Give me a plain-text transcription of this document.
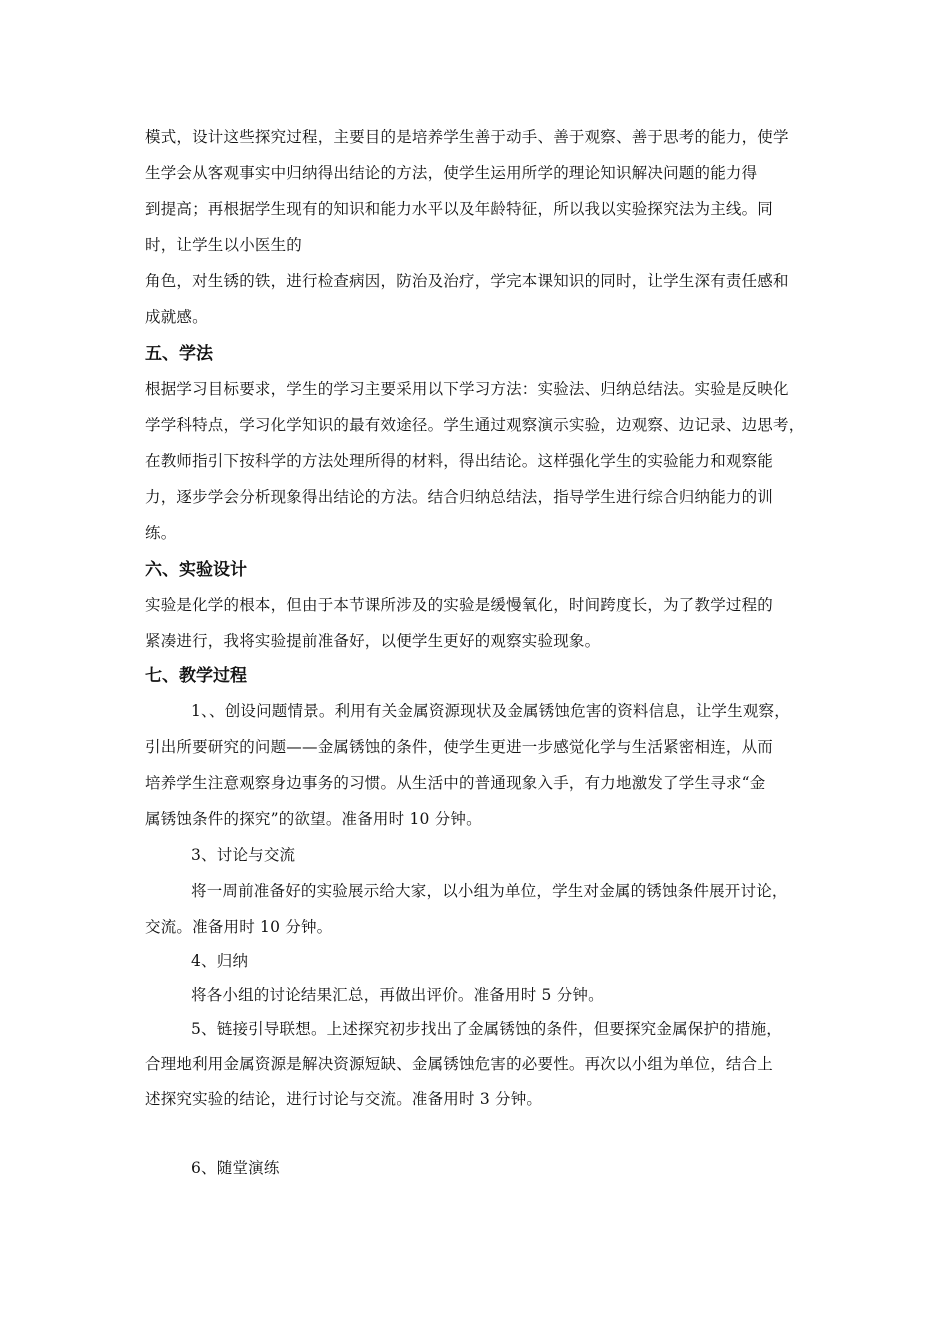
模式，设计这些探究过程，主要目的是培养学生善于动手、善于观察、善于思考的能力，使学
生学会从客观事实中归纳得出结论的方法，使学生运用所学的理论知识解决问题的能力得
到提高；再根据学生现有的知识和能力水平以及年龄特征，所以我以实验探究法为主线。同
时，让学生以小医生的
角色，对生锈的铁，进行检查病因，防治及治疗，学完本课知识的同时，让学生深有责任感和
成就感。
五、学法
根据学习目标要求，学生的学习主要采用以下学习方法：实验法、归纳总结法。实验是反映化
学学科特点，学习化学知识的最有效途径。学生通过观察演示实验，边观察、边记录、边思考，
在教师指引下按科学的方法处理所得的材料，得出结论。这样强化学生的实验能力和观察能
力，逐步学会分析现象得出结论的方法。结合归纳总结法，指导学生进行综合归纳能力的训
练。
六、实验设计
实验是化学的根本，但由于本节课所涉及的实验是缓慢氧化，时间跨度长，为了教学过程的
紧凑进行，我将实验提前准备好，以便学生更好的观察实验现象。
七、教学过程
1、、创设问题情景。利用有关金属资源现状及金属锈蚀危害的资料信息，让学生观察，
引出所要研究的问题——金属锈蚀的条件，使学生更进一步感觉化学与生活紧密相连，从而
培养学生注意观察身边事务的习惯。从生活中的普通现象入手，有力地激发了学生寻求“金
属锈蚀条件的探究”的欲望。准备用时 10 分钟。
3、讨论与交流
将一周前准备好的实验展示给大家，以小组为单位，学生对金属的锈蚀条件展开讨论，
交流。准备用时 10 分钟。
4、归纳
将各小组的讨论结果汇总，再做出评价。准备用时 5 分钟。
5、链接引导联想。上述探究初步找出了金属锈蚀的条件，但要探究金属保护的措施，
合理地利用金属资源是解决资源短缺、金属锈蚀危害的必要性。再次以小组为单位，结合上
述探究实验的结论，进行讨论与交流。准备用时 3 分钟。
6、随堂演练
